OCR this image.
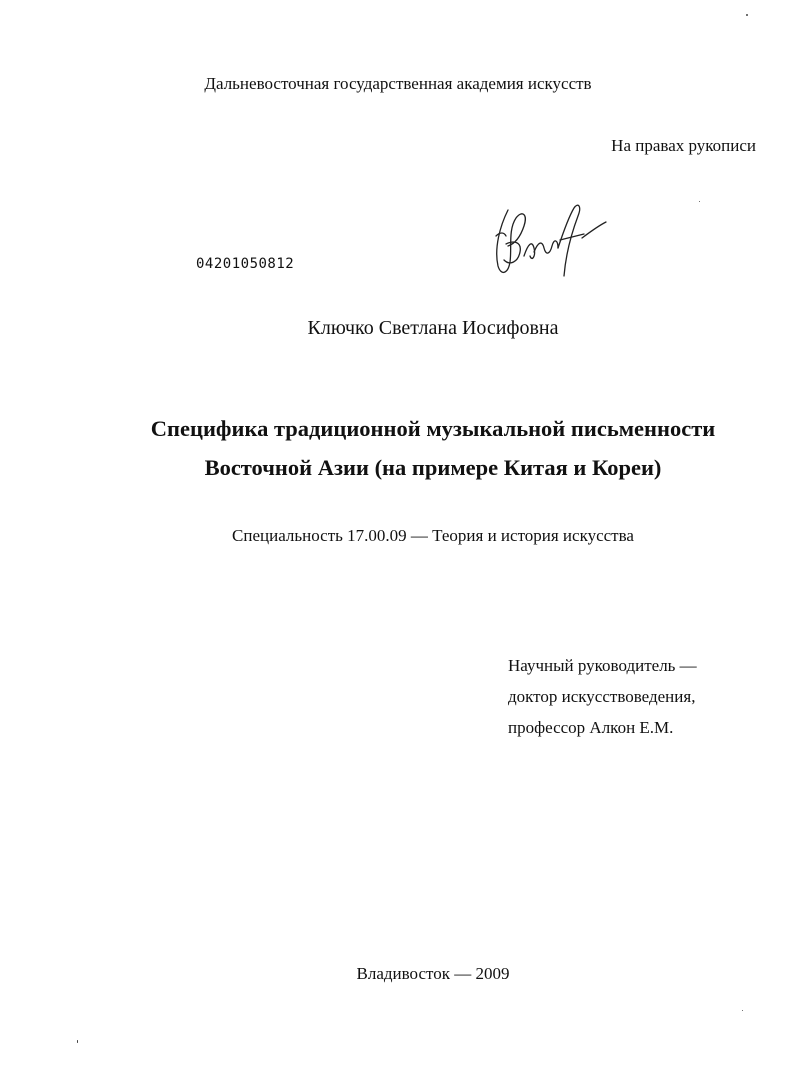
Дальневосточная государственная академия искусств
На правах рукописи
04201050812
Ключко Светлана Иосифовна
Специфика традиционной музыкальной письменности
Восточной Азии (на примере Китая и Кореи)
Специальность 17.00.09 — Теория и история искусства
Научный руководитель —
доктор искусствоведения,
профессор Алкон Е.М.
Владивосток — 2009
